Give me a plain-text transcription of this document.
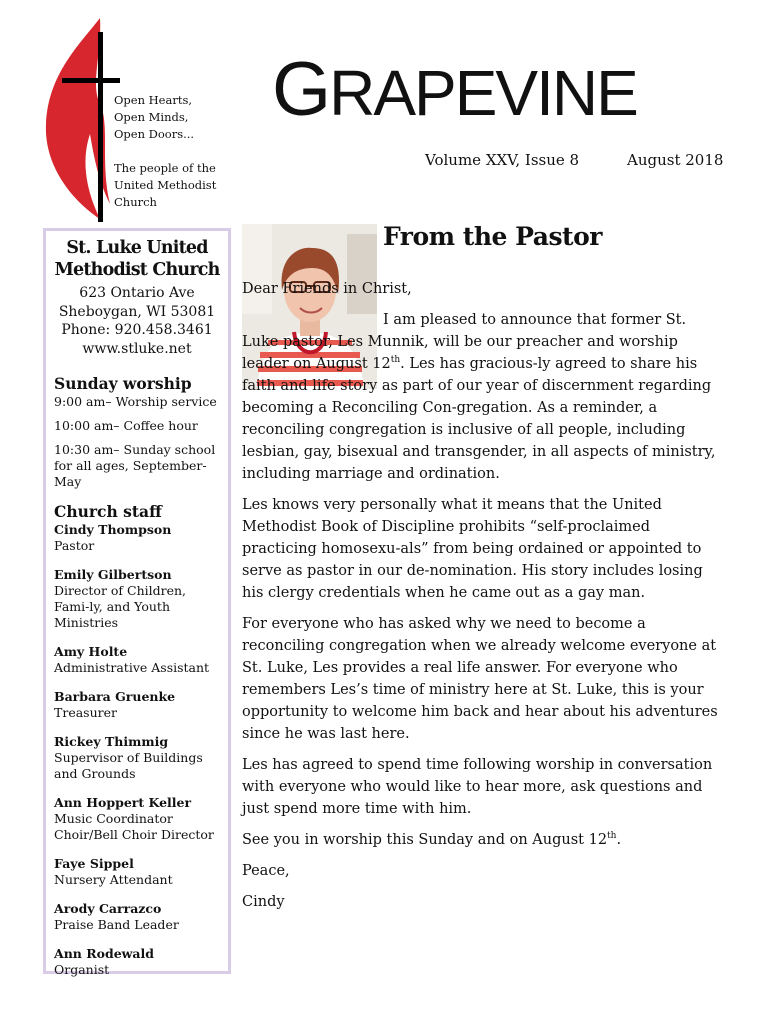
Open Hearts,
Open Minds,
Open Doors...
The people of the
United Methodist
Church
GRAPEVINE
Volume XXV, Issue 8	August 2018
St. Luke United
Methodist Church
623 Ontario Ave
Sheboygan, WI 53081
Phone: 920.458.3461
www.stluke.net
Sunday worship
9:00 am– Worship service
10:00 am– Coffee hour
10:30 am– Sunday school for all ages, September-May
Church staff
Cindy Thompson
Pastor
Emily Gilbertson
Director of Children, Fami-ly, and Youth Ministries
Amy Holte
Administrative Assistant
Barbara Gruenke
Treasurer
Rickey Thimmig
Supervisor of Buildings and Grounds
Ann Hoppert Keller
Music Coordinator
Choir/Bell Choir Director
Faye Sippel
Nursery Attendant
Arody Carrazco
Praise Band Leader
Ann Rodewald
Organist
From the Pastor

Dear Friends in Christ,

I am pleased to announce that former St. Luke pastor, Les Munnik, will be our preacher and worship leader on August 12th. Les has gracious-ly agreed to share his faith and life story as part of our year of discernment regarding becoming a Reconciling Con-gregation. As a reminder, a reconciling congregation is inclusive of all people, including lesbian, gay, bisexual and transgender, in all aspects of ministry, including marriage and ordination.

Les knows very personally what it means that the United Methodist Book of Discipline prohibits “self-proclaimed practicing homosexu-als” from being ordained or appointed to serve as pastor in our de-nomination. His story includes losing his clergy credentials when he came out as a gay man.

For everyone who has asked why we need to become a reconciling congregation when we already welcome everyone at St. Luke, Les provides a real life answer. For everyone who remembers Les’s time of ministry here at St. Luke, this is your opportunity to welcome him back and hear about his adventures since he was last here.

Les has agreed to spend time following worship in conversation with everyone who would like to hear more, ask questions and just spend more time with him.

See you in worship this Sunday and on August 12th.

Peace,

Cindy
